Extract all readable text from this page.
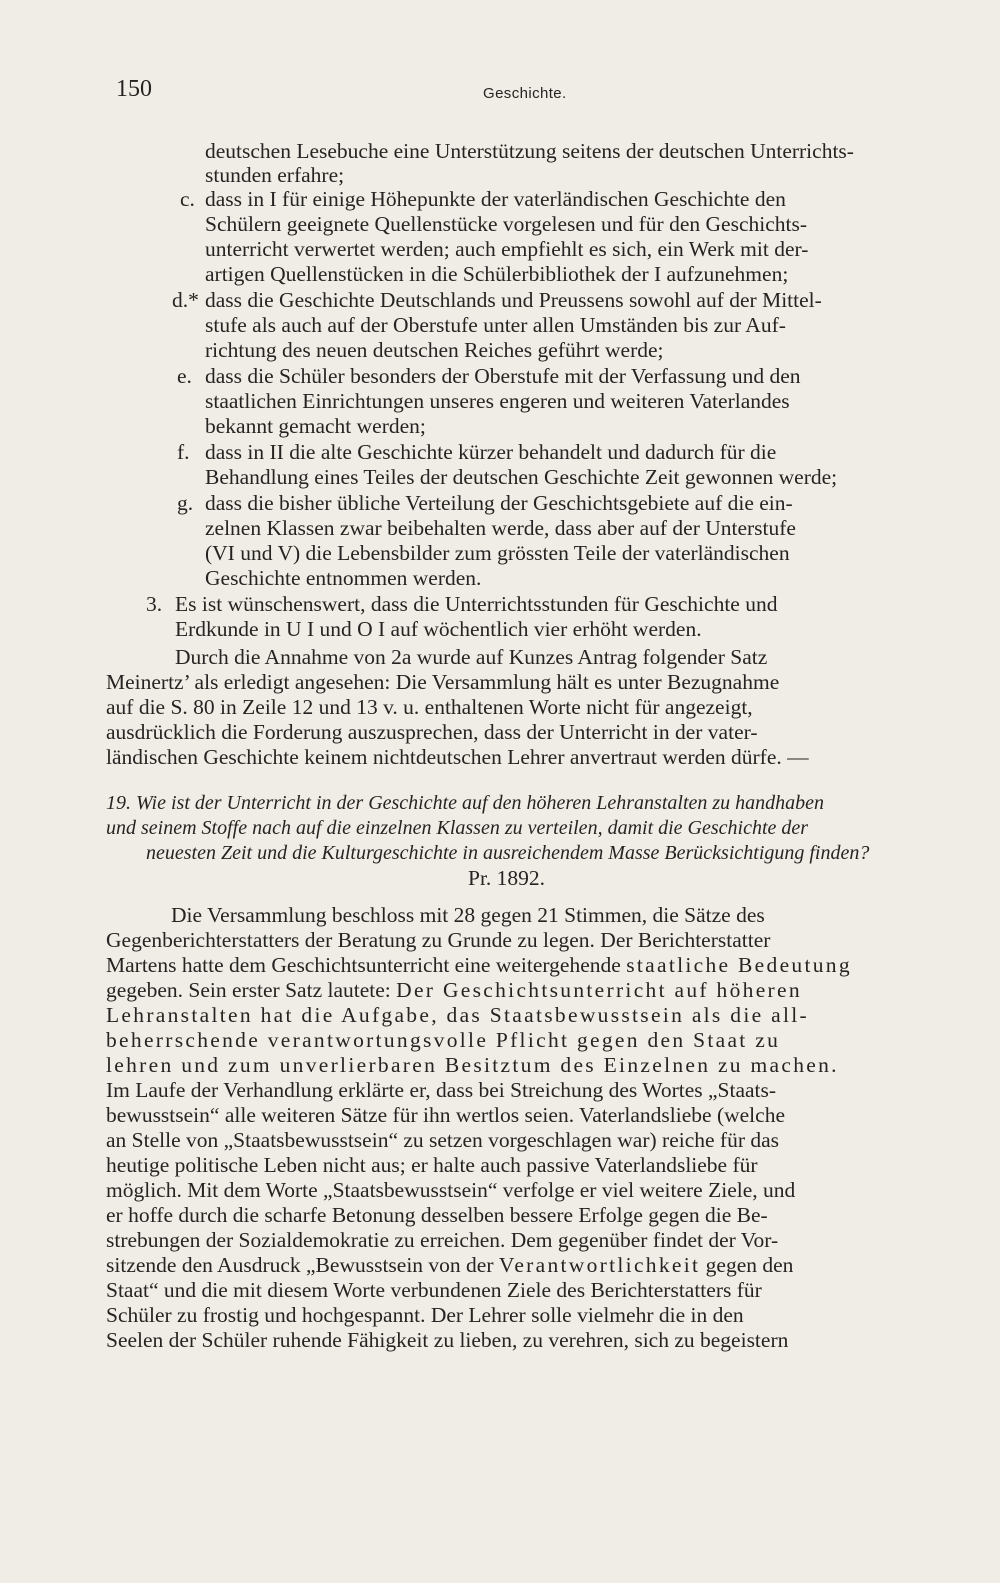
150	Geschichte.
deutschen Lesebuche eine Unterstützung seitens der deutschen Unterrichts-
stunden erfahre;
c. dass in I für einige Höhepunkte der vaterländischen Geschichte den
Schülern geeignete Quellenstücke vorgelesen und für den Geschichts-
unterricht verwertet werden; auch empfiehlt es sich, ein Werk mit der-
artigen Quellenstücken in die Schülerbibliothek der I aufzunehmen;
d.* dass die Geschichte Deutschlands und Preussens sowohl auf der Mittel-
stufe als auch auf der Oberstufe unter allen Umständen bis zur Auf-
richtung des neuen deutschen Reiches geführt werde;
e. dass die Schüler besonders der Oberstufe mit der Verfassung und den
staatlichen Einrichtungen unseres engeren und weiteren Vaterlandes
bekannt gemacht werden;
f. dass in II die alte Geschichte kürzer behandelt und dadurch für die
Behandlung eines Teiles der deutschen Geschichte Zeit gewonnen werde;
g. dass die bisher übliche Verteilung der Geschichtsgebiete auf die ein-
zelnen Klassen zwar beibehalten werde, dass aber auf der Unterstufe
(VI und V) die Lebensbilder zum grössten Teile der vaterländischen
Geschichte entnommen werden.
3. Es ist wünschenswert, dass die Unterrichtsstunden für Geschichte und
Erdkunde in U I und O I auf wöchentlich vier erhöht werden.
Durch die Annahme von 2a wurde auf Kunzes Antrag folgender Satz
Meinertz’ als erledigt angesehen: Die Versammlung hält es unter Bezugnahme
auf die S. 80 in Zeile 12 und 13 v. u. enthaltenen Worte nicht für angezeigt,
ausdrücklich die Forderung auszusprechen, dass der Unterricht in der vater-
ländischen Geschichte keinem nichtdeutschen Lehrer anvertraut werden dürfe. —
19. Wie ist der Unterricht in der Geschichte auf den höheren Lehranstalten zu handhaben
und seinem Stoffe nach auf die einzelnen Klassen zu verteilen, damit die Geschichte der
neuesten Zeit und die Kulturgeschichte in ausreichendem Masse Berücksichtigung finden?
Pr. 1892.
Die Versammlung beschloss mit 28 gegen 21 Stimmen, die Sätze des
Gegenberichterstatters der Beratung zu Grunde zu legen. Der Berichterstatter
Martens hatte dem Geschichtsunterricht eine weitergehende staatliche Bedeutung
gegeben. Sein erster Satz lautete: Der Geschichtsunterricht auf höheren
Lehranstalten hat die Aufgabe, das Staatsbewusstsein als die all-
beherrschende verantwortungsvolle Pflicht gegen den Staat zu
lehren und zum unverlierbaren Besitztum des Einzelnen zu machen.
Im Laufe der Verhandlung erklärte er, dass bei Streichung des Wortes „Staats-
bewusstsein“ alle weiteren Sätze für ihn wertlos seien. Vaterlandsliebe (welche
an Stelle von „Staatsbewusstsein“ zu setzen vorgeschlagen war) reiche für das
heutige politische Leben nicht aus; er halte auch passive Vaterlandsliebe für
möglich. Mit dem Worte „Staatsbewusstsein“ verfolge er viel weitere Ziele, und
er hoffe durch die scharfe Betonung desselben bessere Erfolge gegen die Be-
strebungen der Sozialdemokratie zu erreichen. Dem gegenüber findet der Vor-
sitzende den Ausdruck „Bewusstsein von der Verantwortlichkeit gegen den
Staat“ und die mit diesem Worte verbundenen Ziele des Berichterstatters für
Schüler zu frostig und hochgespannt. Der Lehrer solle vielmehr die in den
Seelen der Schüler ruhende Fähigkeit zu lieben, zu verehren, sich zu begeistern
